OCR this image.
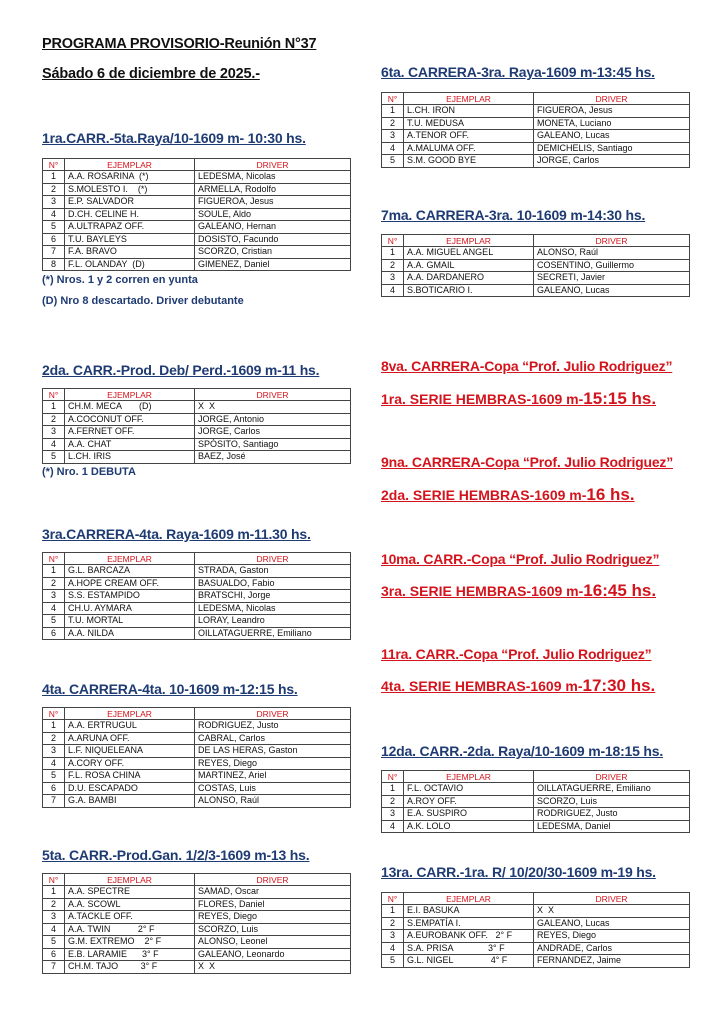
PROGRAMA PROVISORIO-Reunión N°37
Sábado 6 de diciembre de 2025.-
1ra.CARR.-5ta.Raya/10-1609 m- 10:30 hs.
N°	EJEMPLAR	DRIVER
1	A.A. ROSARINA  (*)	LEDESMA, Nicolas
2	S.MOLESTO I.    (*)	ARMELLA, Rodolfo
3	E.P. SALVADOR	FIGUEROA, Jesus
4	D.CH. CELINE H.	SOULE, Aldo
5	A.ULTRAPAZ OFF.	GALEANO, Hernan
6	T.U. BAYLEYS	DOSISTO, Facundo
7	F.A. BRAVO	SCORZO, Cristian
8	F.L. OLANDAY  (D)	GIMENEZ, Daniel
(*) Nros. 1 y 2 corren en yunta
(D) Nro 8 descartado. Driver debutante
2da. CARR.-Prod. Deb/ Perd.-1609 m-11 hs.
N°	EJEMPLAR	DRIVER
1	CH.M. MECA       (D)	X  X
2	A.COCONUT OFF.	JORGE, Antonio
3	A.FERNET OFF.	JORGE, Carlos
4	A.A. CHAT	SPÓSITO, Santiago
5	L.CH. IRIS	BAEZ, José
(*) Nro. 1 DEBUTA
3ra.CARRERA-4ta. Raya-1609 m-11.30 hs.
N°	EJEMPLAR	DRIVER
1	G.L. BARCAZA	STRADA, Gaston
2	A.HOPE CREAM OFF.	BASUALDO, Fabio
3	S.S. ESTAMPIDO	BRATSCHI, Jorge
4	CH.U. AYMARA	LEDESMA, Nicolas
5	T.U. MORTAL	LORAY, Leandro
6	A.A. NILDA	OILLATAGUERRE, Emiliano
4ta. CARRERA-4ta. 10-1609 m-12:15 hs.
N°	EJEMPLAR	DRIVER
1	A.A. ERTRUGUL	RODRIGUEZ, Justo
2	A.ARUNA OFF.	CABRAL, Carlos
3	L.F. NIQUELEANA	DE LAS HERAS, Gaston
4	A.CORY OFF.	REYES, Diego
5	F.L. ROSA CHINA	MARTINEZ, Ariel
6	D.U. ESCAPADO	COSTAS, Luis
7	G.A. BAMBI	ALONSO, Raúl
5ta. CARR.-Prod.Gan. 1/2/3-1609 m-13 hs.
N°	EJEMPLAR	DRIVER
1	A.A. SPECTRE	SAMAD, Oscar
2	A.A. SCOWL	FLORES, Daniel
3	A.TACKLE OFF.	REYES, Diego
4	A.A. TWIN           2° F	SCORZO, Luis
5	G.M. EXTREMO    2° F	ALONSO, Leonel
6	E.B. LARAMIE      3° F	GALEANO, Leonardo
7	CH.M. TAJO         3° F	X  X
6ta. CARRERA-3ra. Raya-1609 m-13:45 hs.
N°	EJEMPLAR	DRIVER
1	L.CH. IRON	FIGUEROA, Jesus
2	T.U. MEDUSA	MONETA, Luciano
3	A.TENOR OFF.	GALEANO, Lucas
4	A.MALUMA OFF.	DEMICHELIS, Santiago
5	S.M. GOOD BYE	JORGE, Carlos
7ma. CARRERA-3ra. 10-1609 m-14:30 hs.
N°	EJEMPLAR	DRIVER
1	A.A. MIGUEL ANGEL	ALONSO, Raúl
2	A.A. GMAIL	COSENTINO, Guillermo
3	A.A. DARDANERO	SECRETI, Javier
4	S.BOTICARIO I.	GALEANO, Lucas
8va. CARRERA-Copa “Prof. Julio Rodriguez”
1ra. SERIE HEMBRAS-1609 m-15:15 hs.
9na. CARRERA-Copa “Prof. Julio Rodriguez”
2da. SERIE HEMBRAS-1609 m-16 hs.
10ma. CARR.-Copa “Prof. Julio Rodriguez”
3ra. SERIE HEMBRAS-1609 m-16:45 hs.
11ra. CARR.-Copa “Prof. Julio Rodriguez”
4ta. SERIE HEMBRAS-1609 m-17:30 hs.
12da. CARR.-2da. Raya/10-1609 m-18:15 hs.
N°	EJEMPLAR	DRIVER
1	F.L. OCTAVIO	OILLATAGUERRE, Emiliano
2	A.ROY OFF.	SCORZO, Luis
3	E.A. SUSPIRO	RODRIGUEZ, Justo
4	A.K. LOLO	LEDESMA, Daniel
13ra. CARR.-1ra. R/ 10/20/30-1609 m-19 hs.
N°	EJEMPLAR	DRIVER
1	E.I. BASUKA	X  X
2	S.EMPATÍA I.	GALEANO, Lucas
3	A.EUROBANK OFF.   2° F	REYES, Diego
4	S.A. PRISA              3° F	ANDRADE, Carlos
5	G.L. NIGEL               4° F	FERNANDEZ, Jaime
